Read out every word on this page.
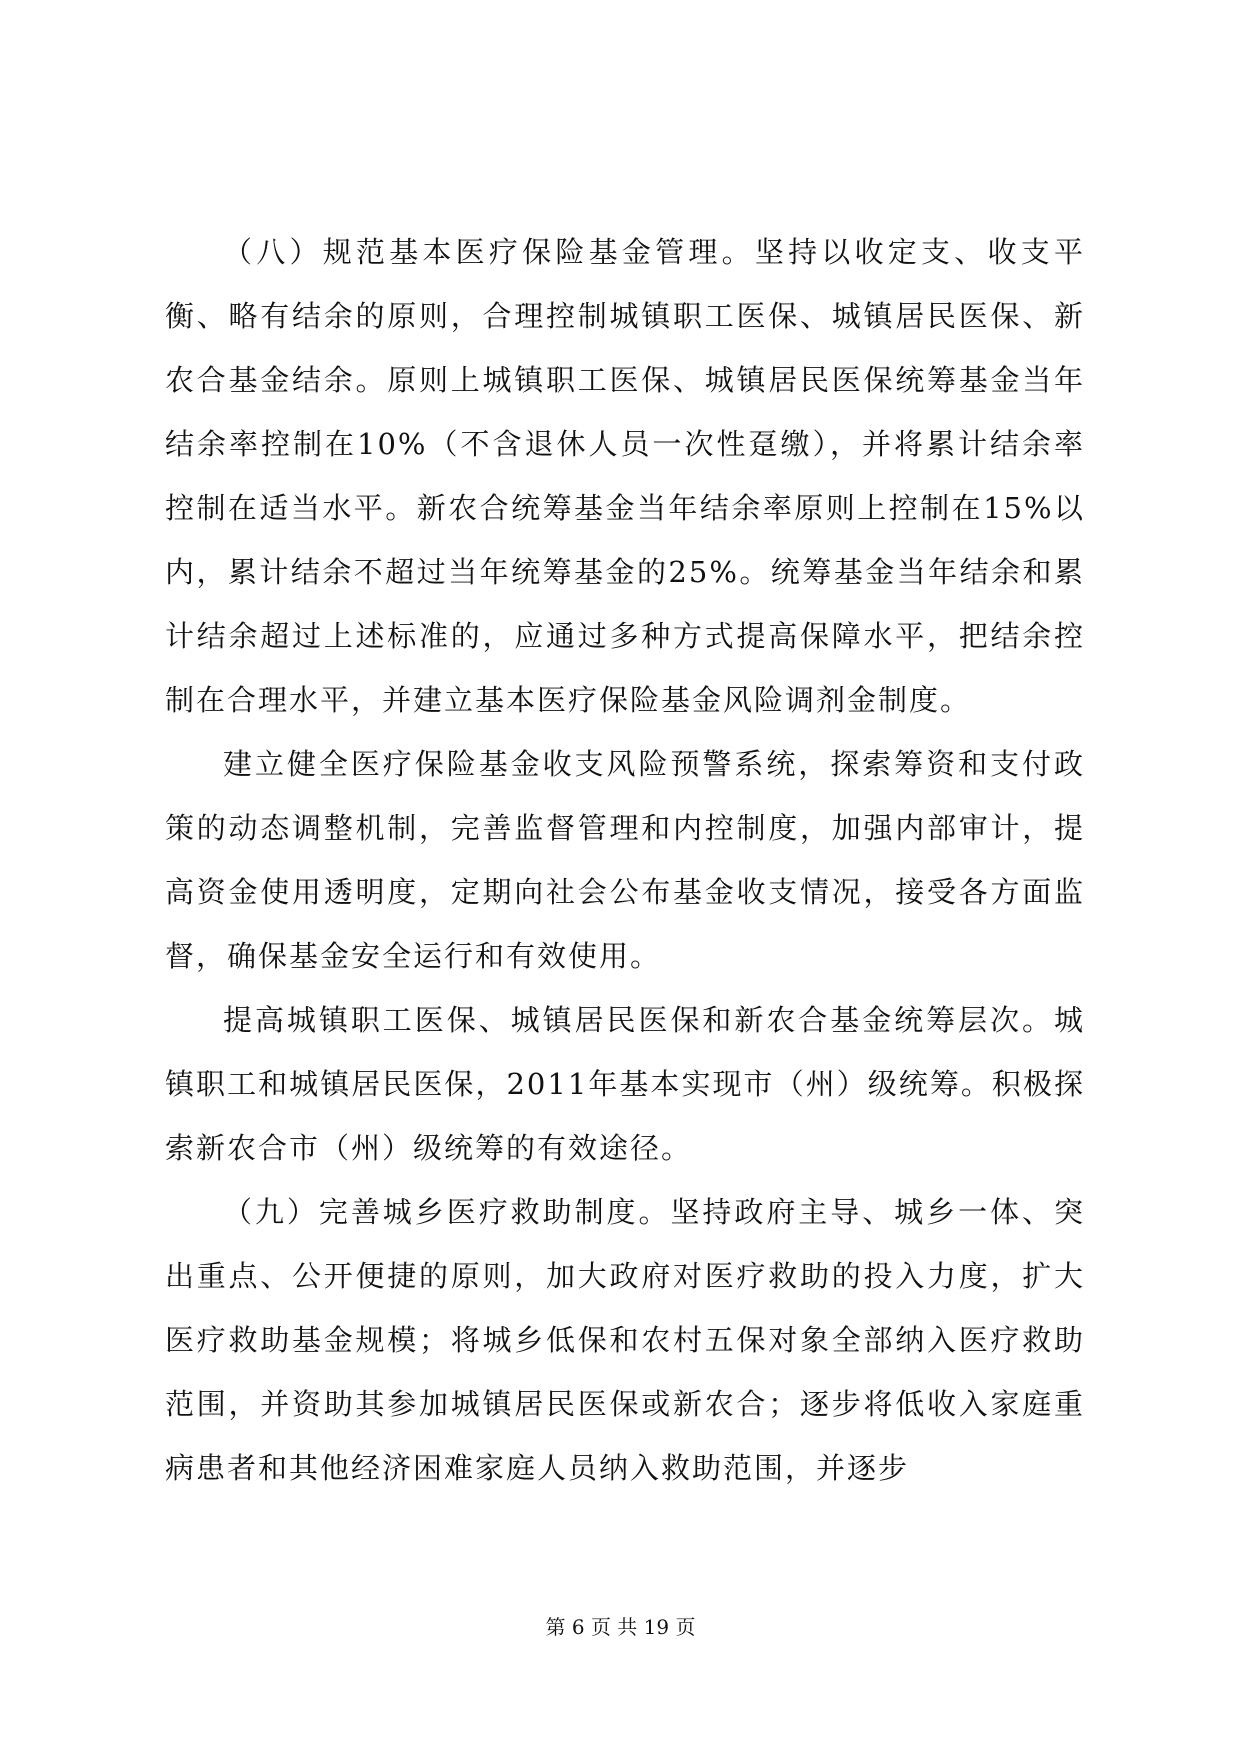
（八）规范基本医疗保险基金管理。坚持以收定支、收支平衡、略有结余的原则，合理控制城镇职工医保、城镇居民医保、新农合基金结余。原则上城镇职工医保、城镇居民医保统筹基金当年结余率控制在10%（不含退休人员一次性趸缴），并将累计结余率控制在适当水平。新农合统筹基金当年结余率原则上控制在15%以内，累计结余不超过当年统筹基金的25%。统筹基金当年结余和累计结余超过上述标准的，应通过多种方式提高保障水平，把结余控制在合理水平，并建立基本医疗保险基金风险调剂金制度。

建立健全医疗保险基金收支风险预警系统，探索筹资和支付政策的动态调整机制，完善监督管理和内控制度，加强内部审计，提高资金使用透明度，定期向社会公布基金收支情况，接受各方面监督，确保基金安全运行和有效使用。

提高城镇职工医保、城镇居民医保和新农合基金统筹层次。城镇职工和城镇居民医保，2011年基本实现市（州）级统筹。积极探索新农合市（州）级统筹的有效途径。

（九）完善城乡医疗救助制度。坚持政府主导、城乡一体、突出重点、公开便捷的原则，加大政府对医疗救助的投入力度，扩大医疗救助基金规模；将城乡低保和农村五保对象全部纳入医疗救助范围，并资助其参加城镇居民医保或新农合；逐步将低收入家庭重病患者和其他经济困难家庭人员纳入救助范围，并逐步

第 6 页 共 19 页
